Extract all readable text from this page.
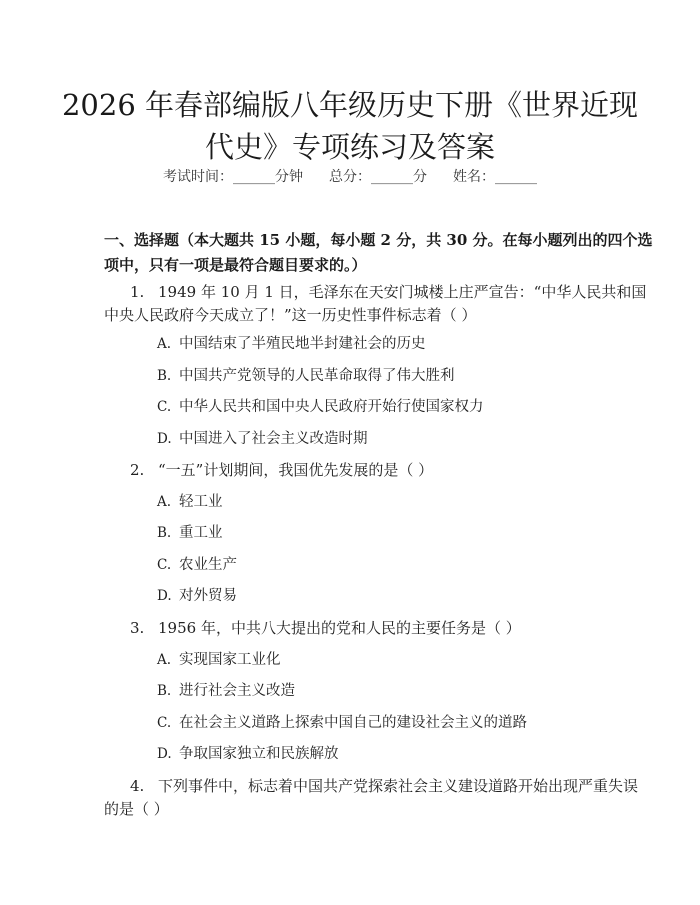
2026 年春部编版八年级历史下册《世界近现
代史》专项练习及答案
考试时间：______分钟 总分：______分 姓名：______
一、选择题（本大题共 15 小题，每小题 2 分，共 30 分。在每小题列出的四个选
项中，只有一项是最符合题目要求的。）
1. 1949 年 10 月 1 日，毛泽东在天安门城楼上庄严宣告：“中华人民共和国
中央人民政府今天成立了！”这一历史性事件标志着（ ）
A. 中国结束了半殖民地半封建社会的历史
B. 中国共产党领导的人民革命取得了伟大胜利
C. 中华人民共和国中央人民政府开始行使国家权力
D. 中国进入了社会主义改造时期
2. “一五”计划期间，我国优先发展的是（ ）
A. 轻工业
B. 重工业
C. 农业生产
D. 对外贸易
3. 1956 年，中共八大提出的党和人民的主要任务是（ ）
A. 实现国家工业化
B. 进行社会主义改造
C. 在社会主义道路上探索中国自己的建设社会主义的道路
D. 争取国家独立和民族解放
4. 下列事件中，标志着中国共产党探索社会主义建设道路开始出现严重失误
的是（ ）
